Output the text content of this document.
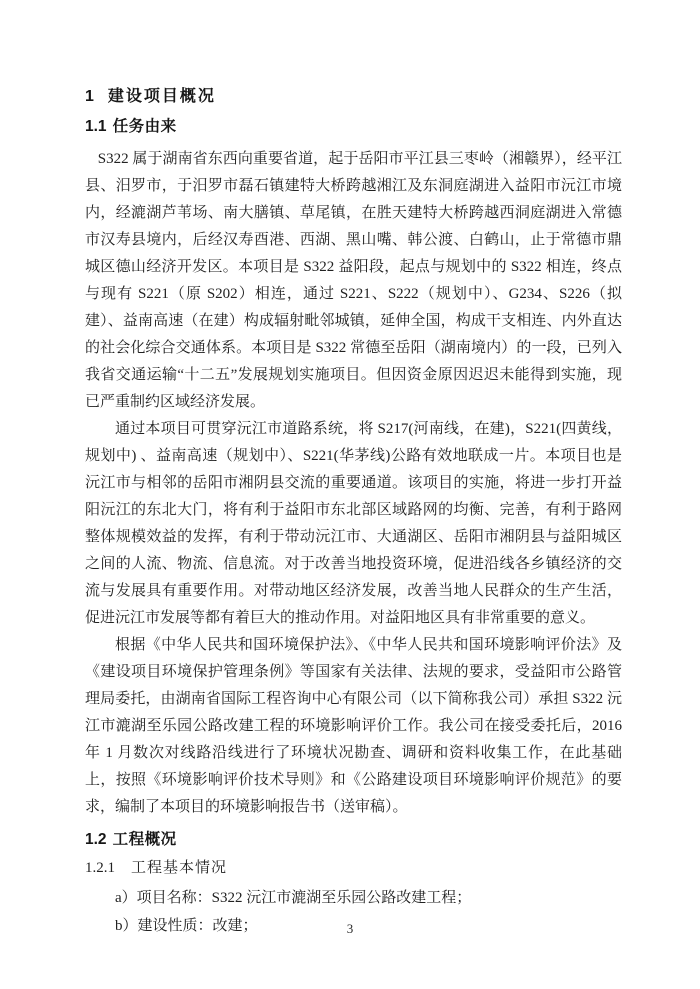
1 建设项目概况
1.1 任务由来

S322 属于湖南省东西向重要省道，起于岳阳市平江县三枣岭（湘赣界），经平江县、汨罗市，于汨罗市磊石镇建特大桥跨越湘江及东洞庭湖进入益阳市沅江市境内，经漉湖芦苇场、南大膳镇、草尾镇，在胜天建特大桥跨越西洞庭湖进入常德市汉寿县境内，后经汉寿酉港、西湖、黑山嘴、韩公渡、白鹤山，止于常德市鼎城区德山经济开发区。本项目是 S322 益阳段，起点与规划中的 S322 相连，终点与现有 S221（原 S202）相连，通过 S221、S222（规划中）、G234、S226（拟建）、益南高速（在建）构成辐射毗邻城镇，延伸全国，构成干支相连、内外直达的社会化综合交通体系。本项目是 S322 常德至岳阳（湖南境内）的一段，已列入我省交通运输“十二五”发展规划实施项目。但因资金原因迟迟未能得到实施，现已严重制约区域经济发展。

通过本项目可贯穿沅江市道路系统，将 S217(河南线，在建)，S221(四黄线，规划中) 、益南高速（规划中）、S221(华茅线)公路有效地联成一片。本项目也是沅江市与相邻的岳阳市湘阴县交流的重要通道。该项目的实施，将进一步打开益阳沅江的东北大门，将有利于益阳市东北部区域路网的均衡、完善，有利于路网整体规模效益的发挥，有利于带动沅江市、大通湖区、岳阳市湘阴县与益阳城区之间的人流、物流、信息流。对于改善当地投资环境，促进沿线各乡镇经济的交流与发展具有重要作用。对带动地区经济发展，改善当地人民群众的生产生活，促进沅江市发展等都有着巨大的推动作用。对益阳地区具有非常重要的意义。

根据《中华人民共和国环境保护法》、《中华人民共和国环境影响评价法》及《建设项目环境保护管理条例》等国家有关法律、法规的要求，受益阳市公路管理局委托，由湖南省国际工程咨询中心有限公司（以下简称我公司）承担 S322 沅江市漉湖至乐园公路改建工程的环境影响评价工作。我公司在接受委托后，2016 年 1 月数次对线路沿线进行了环境状况勘查、调研和资料收集工作，在此基础上，按照《环境影响评价技术导则》和《公路建设项目环境影响评价规范》的要求，编制了本项目的环境影响报告书（送审稿）。

1.2 工程概况
1.2.1 工程基本情况

a）项目名称：S322 沅江市漉湖至乐园公路改建工程；

b）建设性质：改建；	3
